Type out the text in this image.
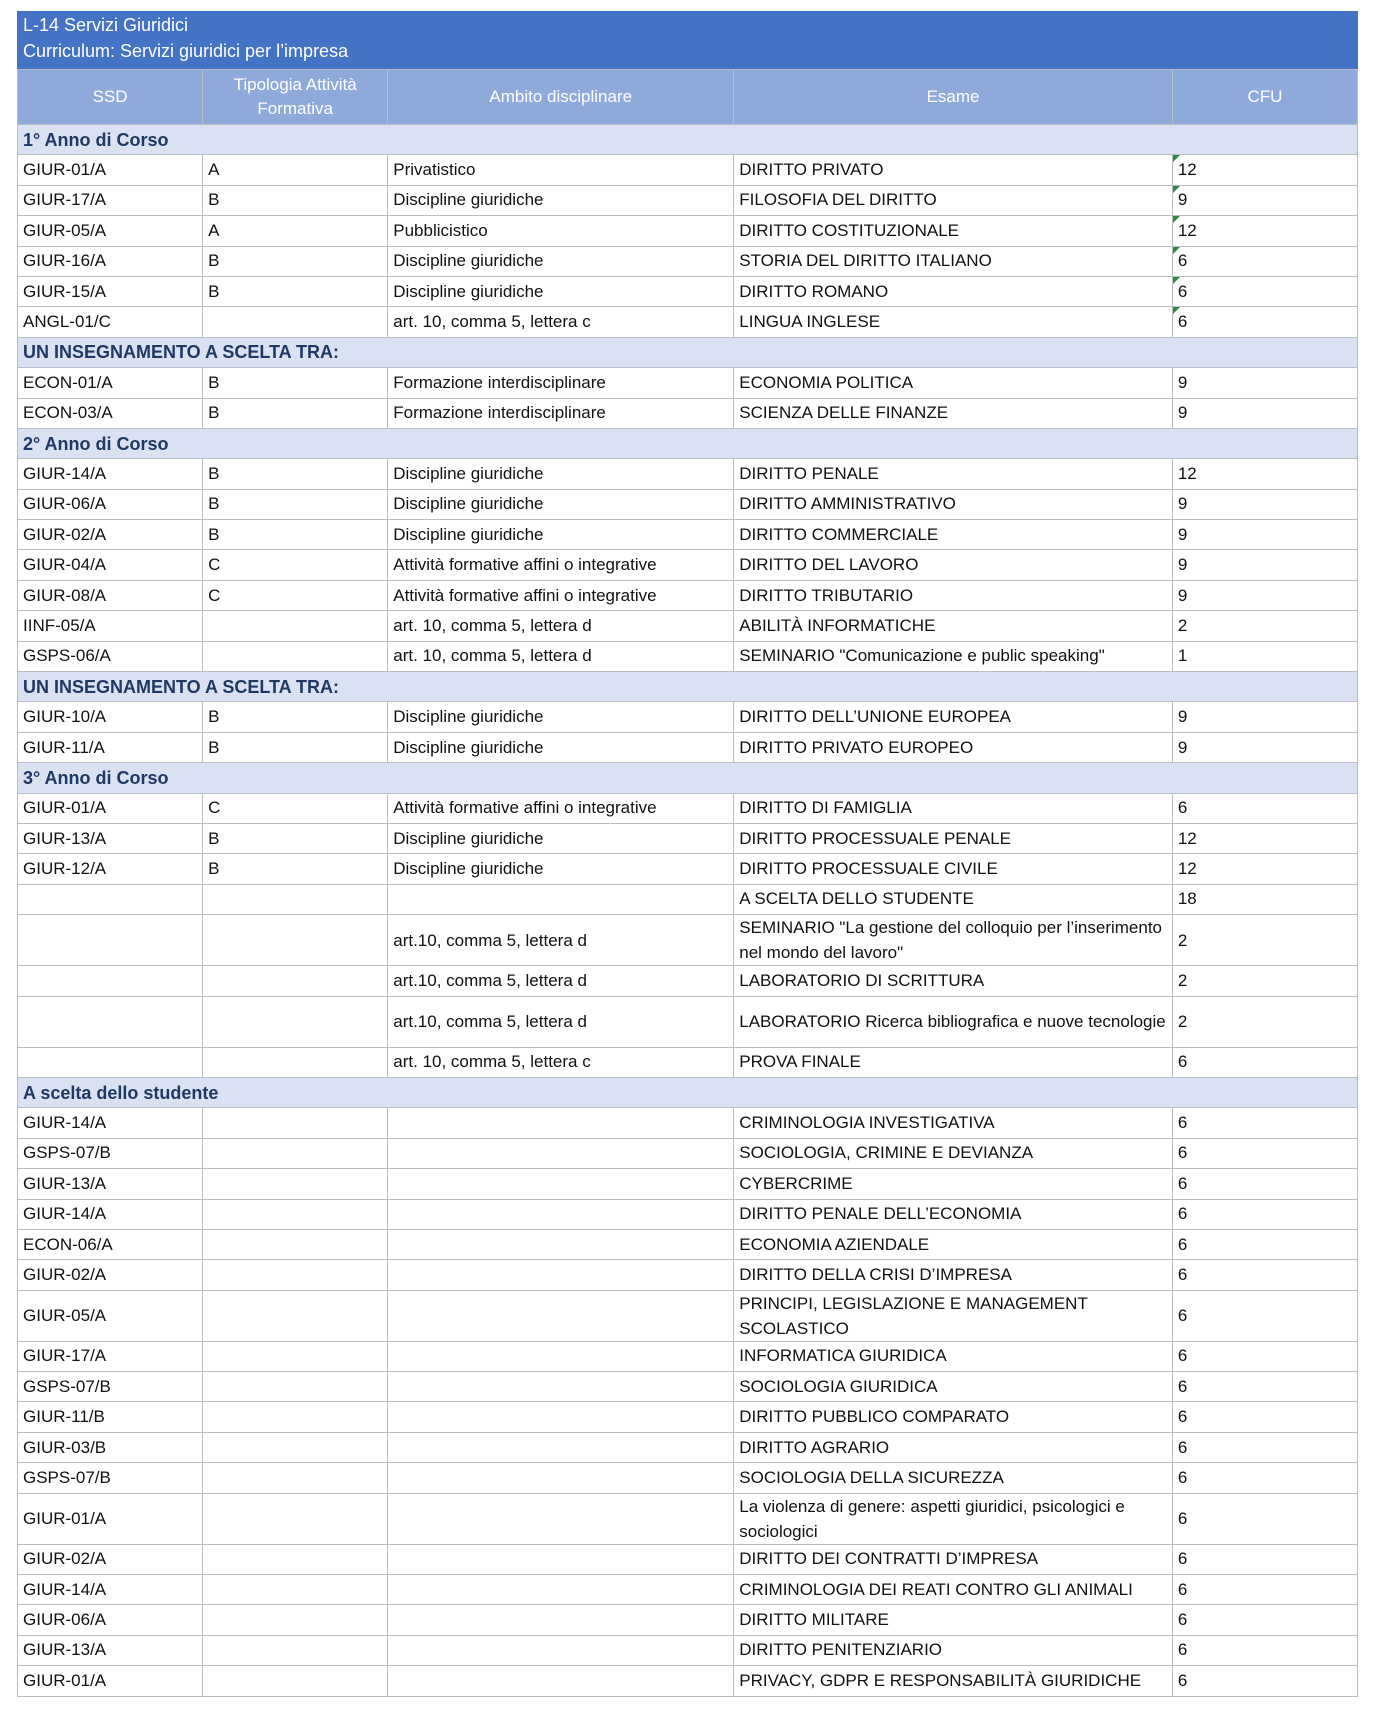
L-14 Servizi Giuridici
Curriculum: Servizi giuridici per l’impresa
SSD	Tipologia Attività Formativa	Ambito disciplinare	Esame	CFU
1° Anno di Corso				
GIUR-01/A	A	Privatistico	DIRITTO PRIVATO	12
GIUR-17/A	B	Discipline giuridiche	FILOSOFIA DEL DIRITTO	9
GIUR-05/A	A	Pubblicistico	DIRITTO COSTITUZIONALE	12
GIUR-16/A	B	Discipline giuridiche	STORIA DEL DIRITTO ITALIANO	6
GIUR-15/A	B	Discipline giuridiche	DIRITTO ROMANO	6
ANGL-01/C		art. 10, comma 5, lettera c	LINGUA INGLESE	6
UN INSEGNAMENTO A SCELTA TRA:				
ECON-01/A	B	Formazione interdisciplinare	ECONOMIA POLITICA	9
ECON-03/A	B	Formazione interdisciplinare	SCIENZA DELLE FINANZE	9
2° Anno di Corso				
GIUR-14/A	B	Discipline giuridiche	DIRITTO PENALE	12
GIUR-06/A	B	Discipline giuridiche	DIRITTO AMMINISTRATIVO	9
GIUR-02/A	B	Discipline giuridiche	DIRITTO COMMERCIALE	9
GIUR-04/A	C	Attività formative affini o integrative	DIRITTO DEL LAVORO	9
GIUR-08/A	C	Attività formative affini o integrative	DIRITTO TRIBUTARIO	9
IINF-05/A		art. 10, comma 5, lettera d	ABILITÀ INFORMATICHE	2
GSPS-06/A		art. 10, comma 5, lettera d	SEMINARIO "Comunicazione e public speaking"	1
UN INSEGNAMENTO A SCELTA TRA:				
GIUR-10/A	B	Discipline giuridiche	DIRITTO DELL’UNIONE EUROPEA	9
GIUR-11/A	B	Discipline giuridiche	DIRITTO PRIVATO EUROPEO	9
3° Anno di Corso				
GIUR-01/A	C	Attività formative affini o integrative	DIRITTO DI FAMIGLIA	6
GIUR-13/A	B	Discipline giuridiche	DIRITTO PROCESSUALE PENALE	12
GIUR-12/A	B	Discipline giuridiche	DIRITTO PROCESSUALE CIVILE	12
			A SCELTA DELLO STUDENTE	18
		art.10, comma 5, lettera d	SEMINARIO "La gestione del colloquio per l’inserimento nel mondo del lavoro"	2
		art.10, comma 5, lettera d	LABORATORIO DI SCRITTURA	2
		art.10, comma 5, lettera d	LABORATORIO Ricerca bibliografica e nuove tecnologie	2
		art. 10, comma 5, lettera c	PROVA FINALE	6
A scelta dello studente				
GIUR-14/A			CRIMINOLOGIA INVESTIGATIVA	6
GSPS-07/B			SOCIOLOGIA, CRIMINE E DEVIANZA	6
GIUR-13/A			CYBERCRIME	6
GIUR-14/A			DIRITTO PENALE DELL’ECONOMIA	6
ECON-06/A			ECONOMIA AZIENDALE	6
GIUR-02/A			DIRITTO DELLA CRISI D’IMPRESA	6
GIUR-05/A			PRINCIPI, LEGISLAZIONE E MANAGEMENT SCOLASTICO	6
GIUR-17/A			INFORMATICA GIURIDICA	6
GSPS-07/B			SOCIOLOGIA GIURIDICA	6
GIUR-11/B			DIRITTO PUBBLICO COMPARATO	6
GIUR-03/B			DIRITTO AGRARIO	6
GSPS-07/B			SOCIOLOGIA DELLA SICUREZZA	6
GIUR-01/A			La violenza di genere: aspetti giuridici, psicologici e sociologici	6
GIUR-02/A			DIRITTO DEI CONTRATTI D’IMPRESA	6
GIUR-14/A			CRIMINOLOGIA DEI REATI CONTRO GLI ANIMALI	6
GIUR-06/A			DIRITTO MILITARE	6
GIUR-13/A			DIRITTO PENITENZIARIO	6
GIUR-01/A			PRIVACY, GDPR E RESPONSABILITÀ GIURIDICHE	6
